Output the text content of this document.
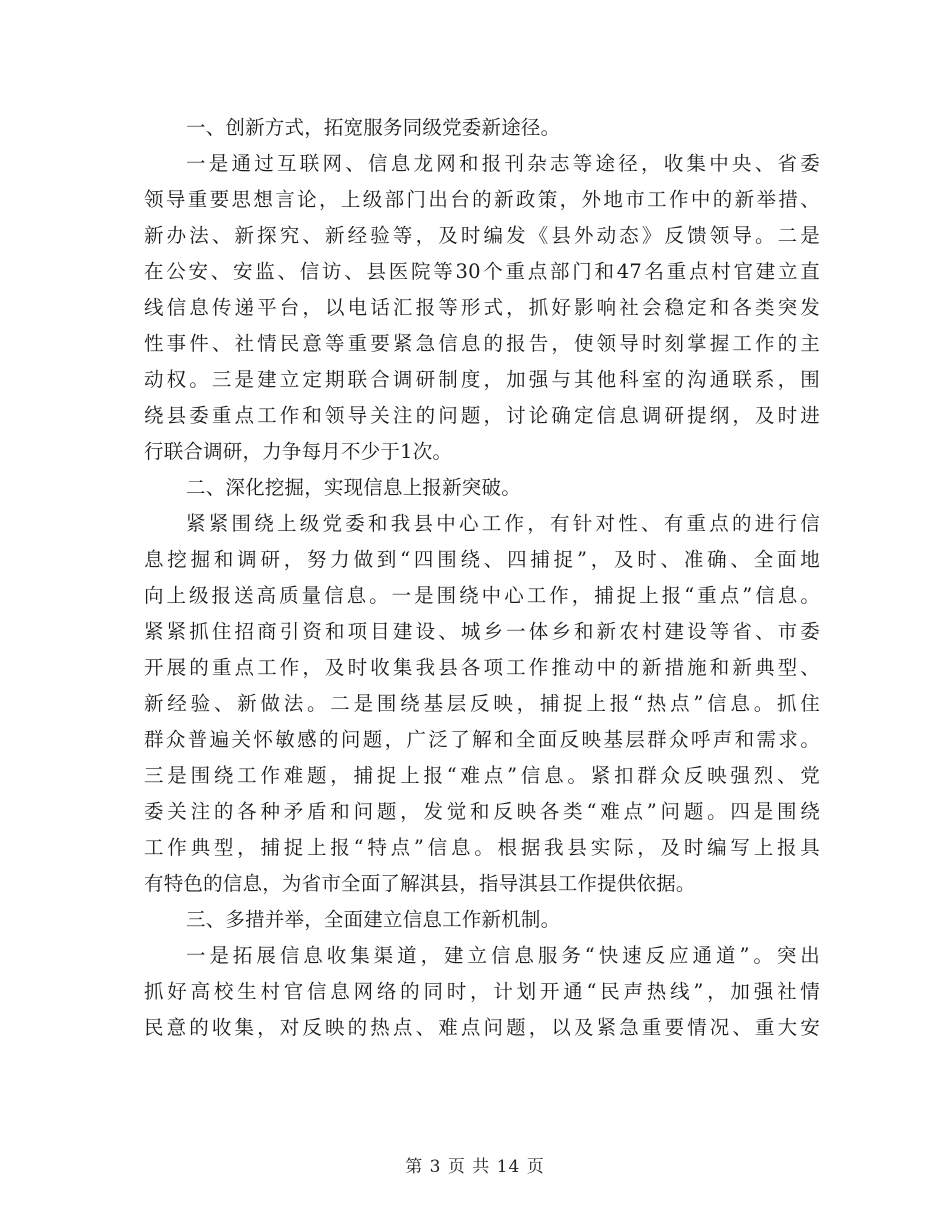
一、创新方式，拓宽服务同级党委新途径。
一是通过互联网、信息龙网和报刊杂志等途径，收集中央、省委
领导重要思想言论，上级部门出台的新政策，外地市工作中的新举措、
新办法、新探究、新经验等，及时编发《县外动态》反馈领导。二是
在公安、安监、信访、县医院等30个重点部门和47名重点村官建立直
线信息传递平台，以电话汇报等形式，抓好影响社会稳定和各类突发
性事件、社情民意等重要紧急信息的报告，使领导时刻掌握工作的主
动权。三是建立定期联合调研制度，加强与其他科室的沟通联系，围
绕县委重点工作和领导关注的问题，讨论确定信息调研提纲，及时进
行联合调研，力争每月不少于1次。
二、深化挖掘，实现信息上报新突破。
紧紧围绕上级党委和我县中心工作，有针对性、有重点的进行信
息挖掘和调研，努力做到“四围绕、四捕捉”，及时、准确、全面地
向上级报送高质量信息。一是围绕中心工作，捕捉上报“重点”信息。
紧紧抓住招商引资和项目建设、城乡一体乡和新农村建设等省、市委
开展的重点工作，及时收集我县各项工作推动中的新措施和新典型、
新经验、新做法。二是围绕基层反映，捕捉上报“热点”信息。抓住
群众普遍关怀敏感的问题，广泛了解和全面反映基层群众呼声和需求。
三是围绕工作难题，捕捉上报“难点”信息。紧扣群众反映强烈、党
委关注的各种矛盾和问题，发觉和反映各类“难点”问题。四是围绕
工作典型，捕捉上报“特点”信息。根据我县实际，及时编写上报具
有特色的信息，为省市全面了解淇县，指导淇县工作提供依据。
三、多措并举，全面建立信息工作新机制。
一是拓展信息收集渠道，建立信息服务“快速反应通道”。突出
抓好高校生村官信息网络的同时，计划开通“民声热线”，加强社情
民意的收集，对反映的热点、难点问题，以及紧急重要情况、重大安
第 3 页 共 14 页
